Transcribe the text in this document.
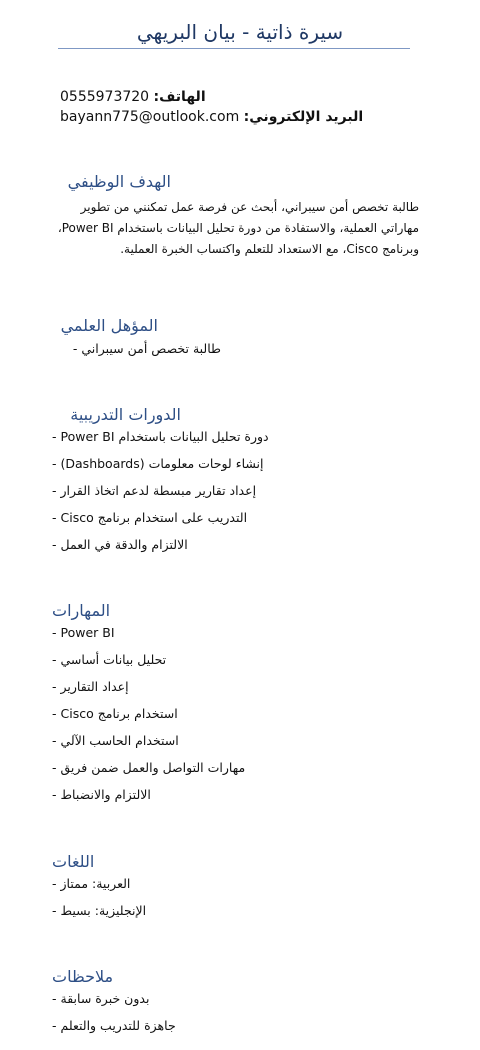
سيرة ذاتية - بيان البريهي
0555973720 الهاتف:
bayann775@outlook.com البريد الإلكتروني:
الهدف الوظيفي
طالبة تخصص أمن سيبراني، أبحث عن فرصة عمل تمكنني من تطوير مهاراتي العملية، والاستفادة من دورة تحليل البيانات باستخدام Power BI، وبرنامج Cisco، مع الاستعداد للتعلم واكتساب الخبرة العملية.
المؤهل العلمي
طالبة تخصص أمن سيبراني -
الدورات التدريبية
- دورة تحليل البيانات باستخدام Power BI
- إنشاء لوحات معلومات (Dashboards)
- إعداد تقارير مبسطة لدعم اتخاذ القرار
- التدريب على استخدام برنامج Cisco
- الالتزام والدقة في العمل
المهارات
- Power BI
- تحليل بيانات أساسي
- إعداد التقارير
- استخدام برنامج Cisco
- استخدام الحاسب الآلي
- مهارات التواصل والعمل ضمن فريق
- الالتزام والانضباط
اللغات
- العربية: ممتاز
- الإنجليزية: بسيط
ملاحظات
- بدون خبرة سابقة
- جاهزة للتدريب والتعلم
